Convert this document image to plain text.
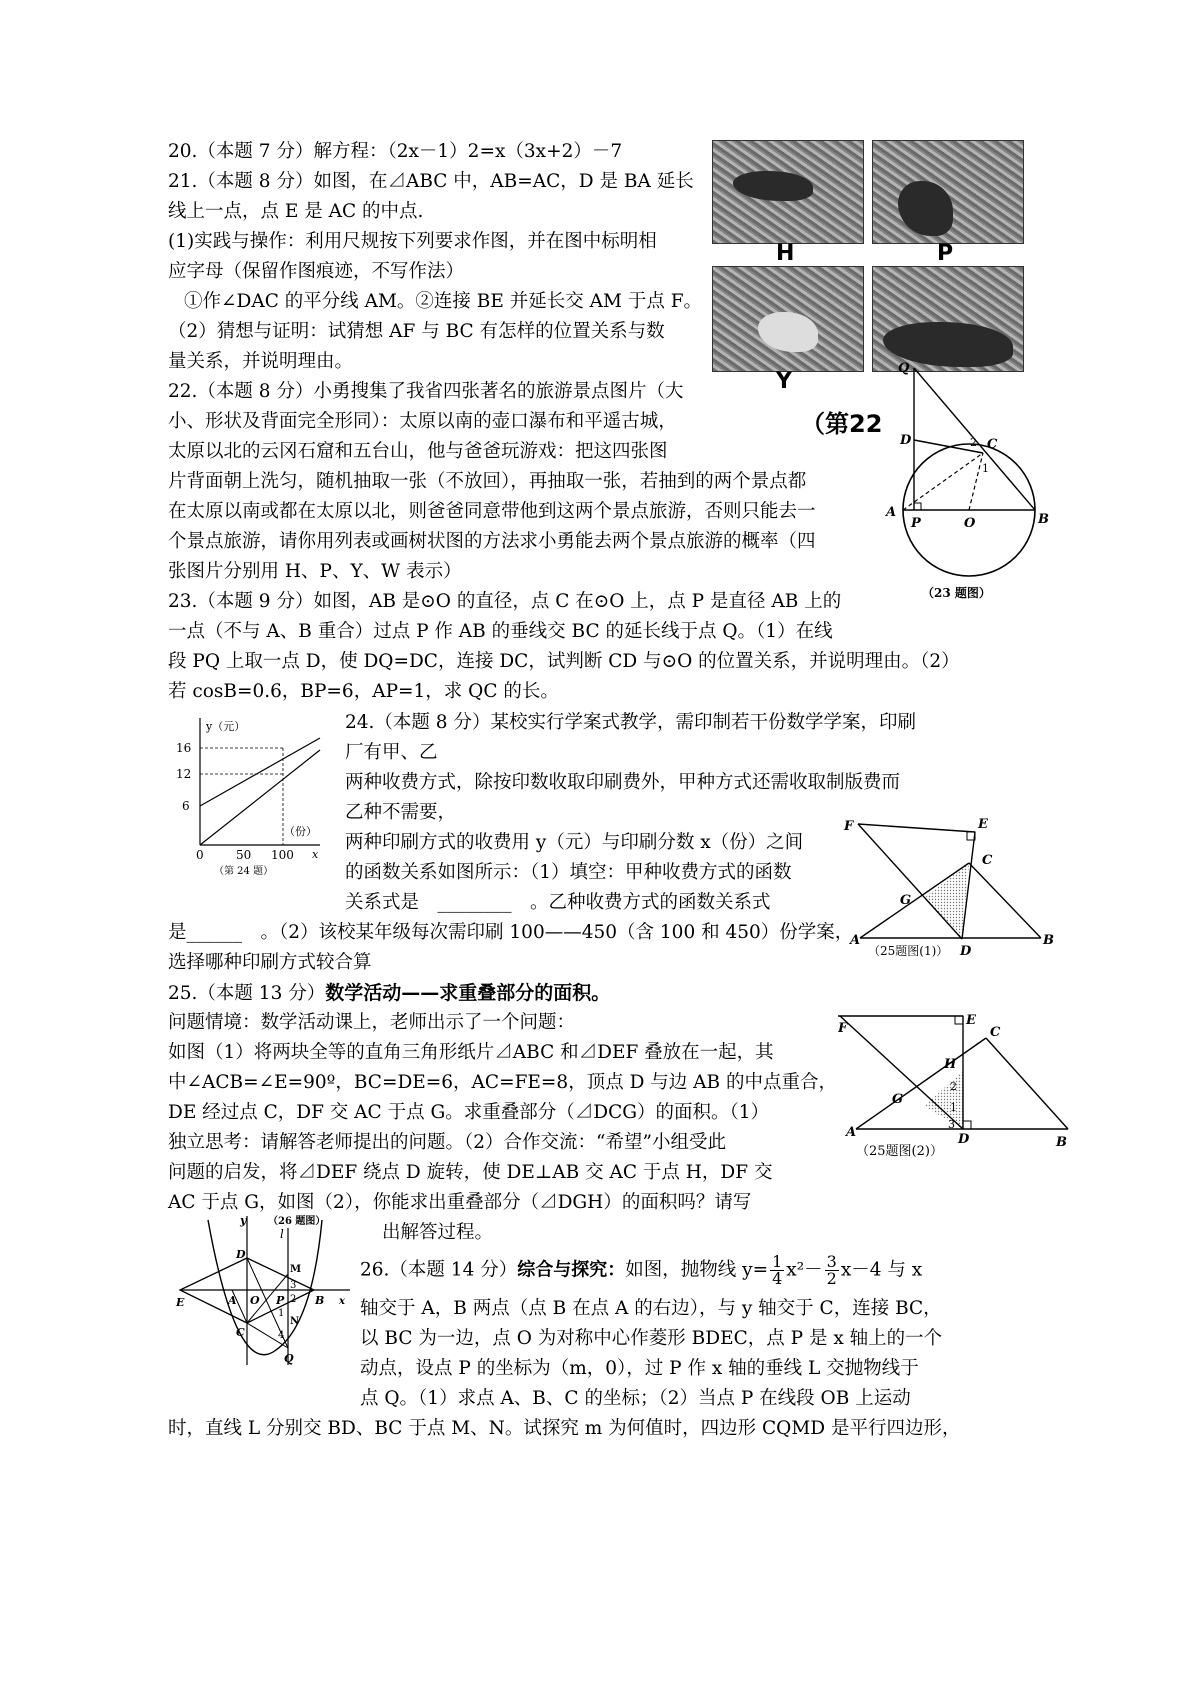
20.（本题 7 分）解方程：（2x－1）2=x（3x+2）－7
21.（本题 8 分）如图，在⊿ABC 中，AB=AC，D 是 BA 延长
线上一点，点 E 是 AC 的中点.
(1)实践与操作：利用尺规按下列要求作图，并在图中标明相
应字母（保留作图痕迹，不写作法）
①作∠DAC 的平分线 AM。②连接 BE 并延长交 AM 于点 F。
（2）猜想与证明：试猜想 AF 与 BC 有怎样的位置关系与数
量关系，并说明理由。
22.（本题 8 分）小勇搜集了我省四张著名的旅游景点图片（大
小、形状及背面完全形同）：太原以南的壶口瀑布和平遥古城，
太原以北的云冈石窟和五台山，他与爸爸玩游戏：把这四张图
片背面朝上洗匀，随机抽取一张（不放回），再抽取一张，若抽到的两个景点都
在太原以南或都在太原以北，则爸爸同意带他到这两个景点旅游，否则只能去一
个景点旅游，请你用列表或画树状图的方法求小勇能去两个景点旅游的概率（四
张图片分别用 H、P、Y、W 表示）
23.（本题 9 分）如图，AB 是⊙O 的直径，点 C 在⊙O 上，点 P 是直径 AB 上的
一点（不与 A、B 重合）过点 P 作 AB 的垂线交 BC 的延长线于点 Q。（1）在线
段 PQ 上取一点 D，使 DQ=DC，连接 DC，试判断 CD 与⊙O 的位置关系，并说明理由。（2）
若 cosB=0.6，BP=6，AP=1，求 QC 的长。
24.（本题 8 分）某校实行学案式教学，需印制若干份数学学案，印刷
厂有甲、乙
两种收费方式，除按印数收取印刷费外，甲种方式还需收取制版费而
乙种不需要，
两种印刷方式的收费用 y（元）与印刷分数 x（份）之间
的函数关系如图所示：（1）填空：甲种收费方式的函数
关系式是　________　。乙种收费方式的函数关系式
是______　。（2）该校某年级每次需印刷 100——450（含 100 和 450）份学案，
选择哪种印刷方式较合算
25.（本题 13 分）数学活动——求重叠部分的面积。
问题情境：数学活动课上，老师出示了一个问题：
如图（1）将两块全等的直角三角形纸片⊿ABC 和⊿DEF 叠放在一起，其
中∠ACB=∠E=90º，BC=DE=6，AC=FE=8，顶点 D 与边 AB 的中点重合，
DE 经过点 C，DF 交 AC 于点 G。求重叠部分（⊿DCG）的面积。（1）
独立思考：请解答老师提出的问题。（2）合作交流：“希望”小组受此
问题的启发，将⊿DEF 绕点 D 旋转，使 DE⊥AB 交 AC 于点 H，DF 交
AC 于点 G，如图（2），你能求出重叠部分（⊿DGH）的面积吗？请写
出解答过程。
26.（本题 14 分）综合与探究：如图，抛物线 $y= \frac{1}{4} x^2- \frac{3}{2} x-4$ 与 x
轴交于 A，B 两点（点 B 在点 A 的右边），与 y 轴交于 C，连接 BC，
以 BC 为一边，点 O 为对称中心作菱形 BDEC，点 P 是 x 轴上的一个
动点，设点 P 的坐标为（m，0），过 P 作 x 轴的垂线 L 交抛物线于
点 Q。（1）求点 A、B、C 的坐标；（2）当点 P 在线段 OB 上运动
时，直线 L 分别交 BD、BC 于点 M、N。试探究 m 为何值时，四边形 CQMD 是平行四边形，
H	P
Y
（第22
Q
D	2 C
1
A
P	O	B
（23 题图）
y（元）
16
12
6
（份）
x
0	50 100
（第 24 题）
F	E
C
G
A
D
B
（25题图(1)）
F
E
C
H
2
G
1
3
A	D	B
（25题图(2)）
（26 题图）
y
l
D
M
E	A O P
3
2 B x
1
N
C	4
Q
